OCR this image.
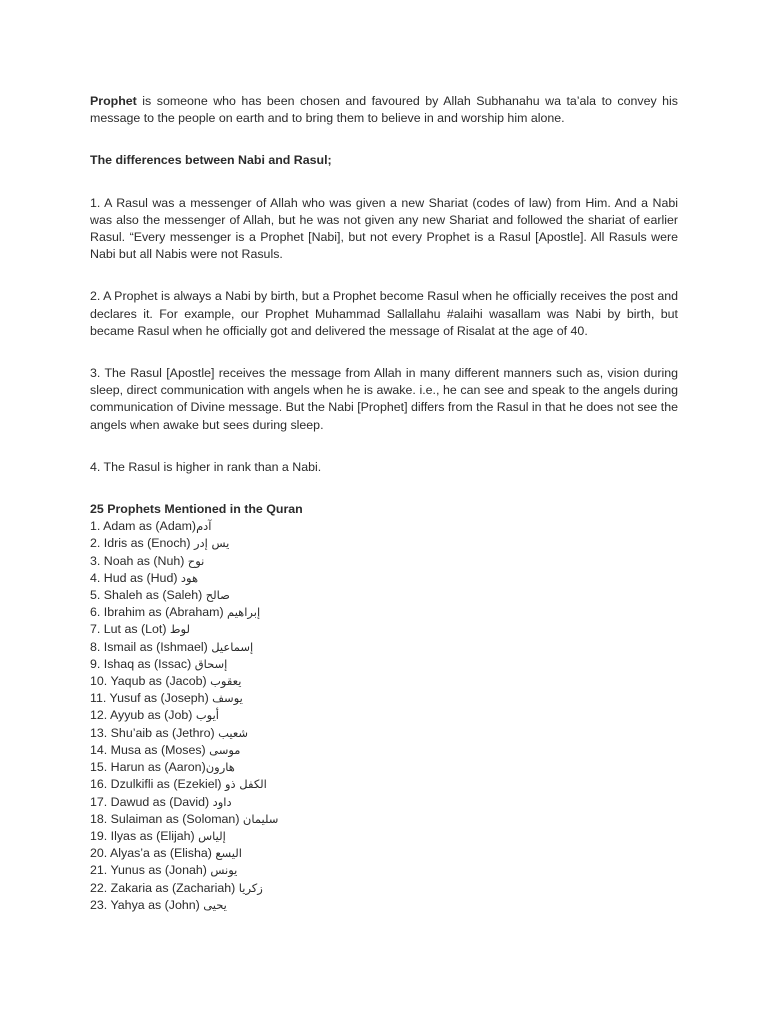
Prophet is someone who has been chosen and favoured by Allah Subhanahu wa ta’ala to convey his message to the people on earth and to bring them to believe in and worship him alone.

The differences between Nabi and Rasul;

1. A Rasul was a messenger of Allah who was given a new Shariat (codes of law) from Him. And a Nabi was also the messenger of Allah, but he was not given any new Shariat and followed the shariat of earlier Rasul. “Every messenger is a Prophet [Nabi], but not every Prophet is a Rasul [Apostle]. All Rasuls were Nabi but all Nabis were not Rasuls.

2. A Prophet is always a Nabi by birth, but a Prophet become Rasul when he officially receives the post and declares it. For example, our Prophet Muhammad Sallallahu #alaihi wasallam was Nabi by birth, but became Rasul when he officially got and delivered the message of Risalat at the age of 40.

3. The Rasul [Apostle] receives the message from Allah in many different manners such as, vision during sleep, direct communication with angels when he is awake. i.e., he can see and speak to the angels during communication of Divine message. But the Nabi [Prophet] differs from the Rasul in that he does not see the angels when awake but sees during sleep.

4. The Rasul is higher in rank than a Nabi.

25 Prophets Mentioned in the Quran

1. Adam as (Adam)آدم
2. Idris as (Enoch) يس إدر
3. Noah as (Nuh) نوح
4. Hud as (Hud) هود
5. Shaleh as (Saleh) صالح
6. Ibrahim as (Abraham) إبراهيم
7. Lut as (Lot) لوط
8. Ismail as (Ishmael) إسماعيل
9. Ishaq as (Issac) إسحاق
10. Yaqub as (Jacob) يعقوب
11. Yusuf as (Joseph) يوسف
12. Ayyub as (Job) أيوب
13. Shu’aib as (Jethro) شعيب
14. Musa as (Moses) موسى
15. Harun as (Aaron)هارون
16. Dzulkifli as (Ezekiel) الكفل ذو
17. Dawud as (David) داود
18. Sulaiman as (Soloman) سليمان
19. Ilyas as (Elijah) إلياس
20. Alyas’a as (Elisha) اليسع
21. Yunus as (Jonah) يونس
22. Zakaria as (Zachariah) زكريا
23. Yahya as (John) يحيى
